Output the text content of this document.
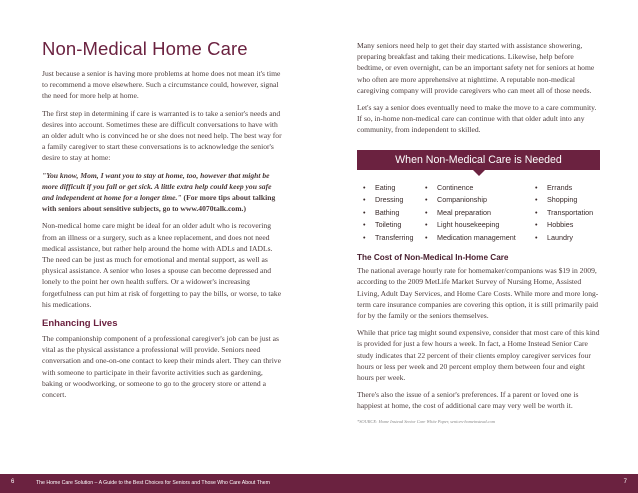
Non-Medical Home Care

Just because a senior is having more problems at home does not mean it's time to recommend a move elsewhere. Such a circumstance could, however, signal the need for more help at home.

The first step in determining if care is warranted is to take a senior's needs and desires into account. Sometimes these are difficult conversations to have with an older adult who is convinced he or she does not need help. The best way for a family caregiver to start these conversations is to acknowledge the senior's desire to stay at home:

"You know, Mom, I want you to stay at home, too, however that might be more difficult if you fall or get sick. A little extra help could keep you safe and independent at home for a longer time." (For more tips about talking with seniors about sensitive subjects, go to www.4070talk.com.)

Non-medical home care might be ideal for an older adult who is recovering from an illness or a surgery, such as a knee replacement, and does not need medical assistance, but rather help around the home with ADLs and IADLs. The need can be just as much for emotional and mental support, as well as physical assistance. A senior who loses a spouse can become depressed and lonely to the point her own health suffers. Or a widower's increasing forgetfulness can put him at risk of forgetting to pay the bills, or worse, to take his medications.

Enhancing Lives

The companionship component of a professional caregiver's job can be just as vital as the physical assistance a professional will provide. Seniors need conversation and one-on-one contact to keep their minds alert. They can thrive with someone to participate in their favorite activities such as gardening, baking or woodworking, or someone to go to the grocery store or attend a concert.

Many seniors need help to get their day started with assistance showering, preparing breakfast and taking their medications. Likewise, help before bedtime, or even overnight, can be an important safety net for seniors at home who often are more apprehensive at nighttime. A reputable non-medical caregiving company will provide caregivers who can meet all of those needs.

Let's say a senior does eventually need to make the move to a care community. If so, in-home non-medical care can continue with that older adult into any community, from independent to skilled.

When Non-Medical Care is Needed
• Eating	• Continence	• Errands
• Dressing	• Companionship	• Shopping
• Bathing	• Meal preparation	• Transportation
• Toileting	• Light housekeeping	• Hobbies
• Transferring	• Medication management	• Laundry
The Cost of Non-Medical In-Home Care

The national average hourly rate for homemaker/companions was $19 in 2009, according to the 2009 MetLife Market Survey of Nursing Home, Assisted Living, Adult Day Services, and Home Care Costs. While more and more long-term care insurance companies are covering this option, it is still primarily paid for by the family or the seniors themselves.

While that price tag might sound expensive, consider that most care of this kind is provided for just a few hours a week. In fact, a Home Instead Senior Care study indicates that 22 percent of their clients employ caregiver services four hours or less per week and 20 percent employ them between four and eight hours per week.

There's also the issue of a senior's preferences. If a parent or loved one is happiest at home, the cost of additional care may very well be worth it.

*SOURCE: Home Instead Senior Care White Paper, seniors-homeinstead.com
6	The Home Care Solution – A Guide to the Best Choices for Seniors and Those Who Care About Them	7
